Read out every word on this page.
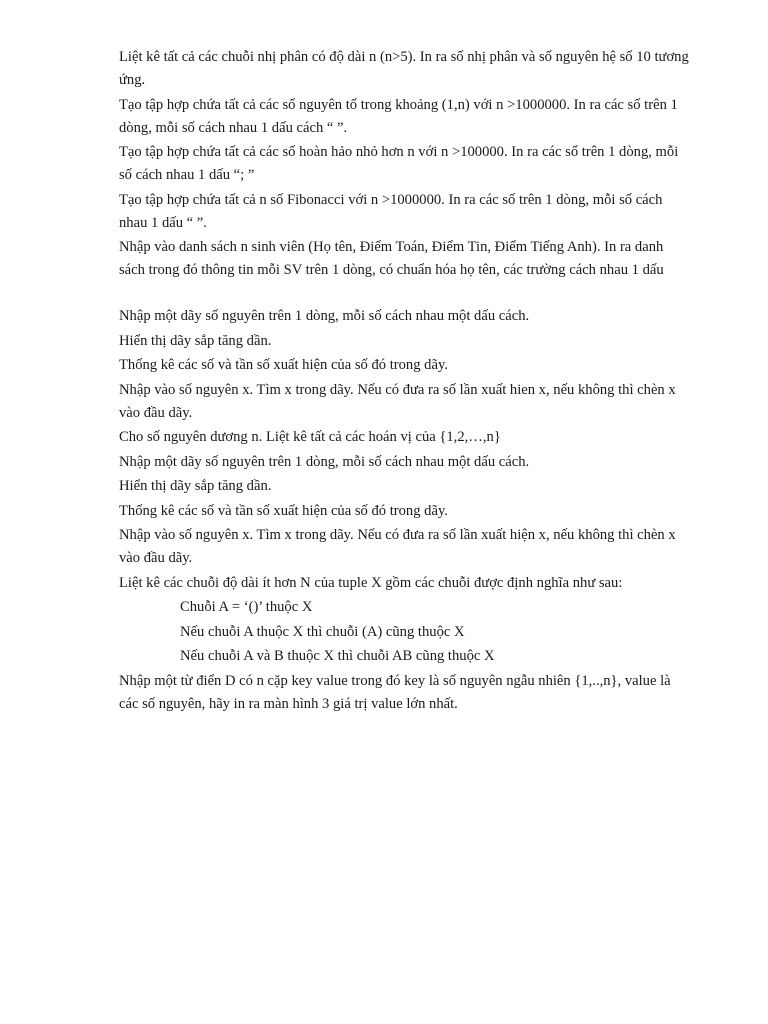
Liệt kê tất cả các chuỗi nhị phân có độ dài n (n>5). In ra số nhị phân và số nguyên hệ số 10 tương ứng.

Tạo tập hợp chứa tất cả các số nguyên tố trong khoảng (1,n) với n >1000000. In ra các số trên 1 dòng, mỗi số cách nhau 1 dấu cách “ ”.

Tạo tập hợp chứa tất cả các số hoàn hảo nhỏ hơn n với n >100000. In ra các số trên 1 dòng, mỗi số cách nhau 1 dấu “; ”

Tạo tập hợp chứa tất cả n số Fibonacci với n >1000000. In ra các số trên 1 dòng, mỗi số cách nhau 1 dấu “ ”.

Nhập vào danh sách n sinh viên (Họ tên, Điểm Toán, Điểm Tin, Điểm Tiếng Anh). In ra danh sách trong đó thông tin mỗi SV trên 1 dòng, có chuẩn hóa họ tên, các trường cách nhau 1 dấu

Nhập một dãy số nguyên trên 1 dòng, mỗi số cách nhau một dấu cách.

Hiển thị dãy sắp tăng dần.

Thống kê các số và tần số xuất hiện của số đó trong dãy.

Nhập vào số nguyên x. Tìm x trong dãy. Nếu có đưa ra số lần xuất hien x, nếu không thì chèn x vào đầu dãy.

Cho số nguyên dương n. Liệt kê tất cả các hoán vị của {1,2,…,n}

Nhập một dãy số nguyên trên 1 dòng, mỗi số cách nhau một dấu cách.

Hiển thị dãy sắp tăng dần.

Thống kê các số và tần số xuất hiện của số đó trong dãy.

Nhập vào số nguyên x. Tìm x trong dãy. Nếu có đưa ra số lần xuất hiện x, nếu không thì chèn x vào đầu dãy.

Liệt kê các chuỗi độ dài ít hơn N của tuple X gồm các chuỗi được định nghĩa như sau:

Chuỗi A = ‘()’ thuộc X

Nếu chuỗi A thuộc X thì chuỗi (A) cũng thuộc X

Nếu chuỗi A và B thuộc X thì chuỗi AB cũng thuộc X

Nhập một từ điển D có n cặp key value trong đó key là số nguyên ngẫu nhiên {1,..,n}, value là các số nguyên, hãy in ra màn hình 3 giá trị value lớn nhất.
